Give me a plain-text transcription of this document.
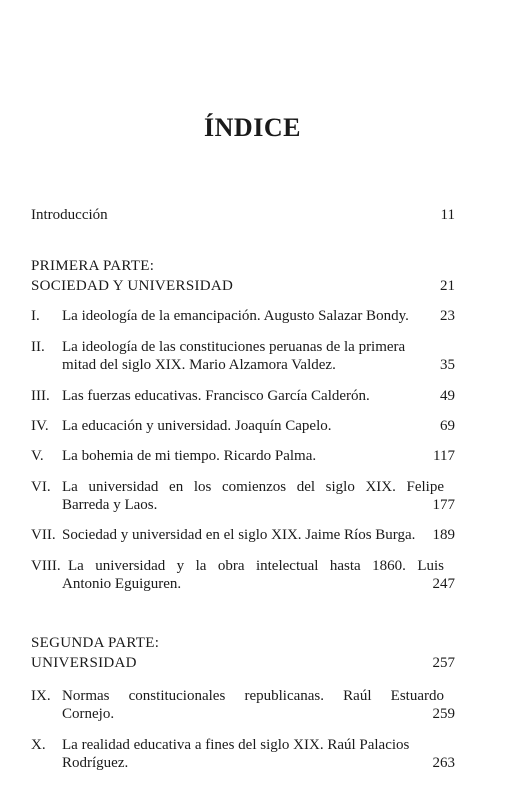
ÍNDICE
Introducción	11
PRIMERA PARTE:
SOCIEDAD Y UNIVERSIDAD	21
I. La ideología de la emancipación. Augusto Salazar Bondy. 23
II. La ideología de las constituciones peruanas de la primera
mitad del siglo XIX. Mario Alzamora Valdez.	35
III. Las fuerzas educativas. Francisco García Calderón.	49
IV. La educación y universidad. Joaquín Capelo.	69
V. La bohemia de mi tiempo. Ricardo Palma.	117
VI. La universidad en los comienzos del siglo XIX. Felipe
Barreda y Laos.	177
VII. Sociedad y universidad en el siglo XIX. Jaime Ríos Burga. 189
VIII. La universidad y la obra intelectual hasta 1860. Luis
Antonio Eguiguren.	247
SEGUNDA PARTE:
UNIVERSIDAD	257
IX. Normas constitucionales republicanas. Raúl Estuardo
Cornejo.	259
X. La realidad educativa a fines del siglo XIX. Raúl Palacios
Rodríguez.	263
